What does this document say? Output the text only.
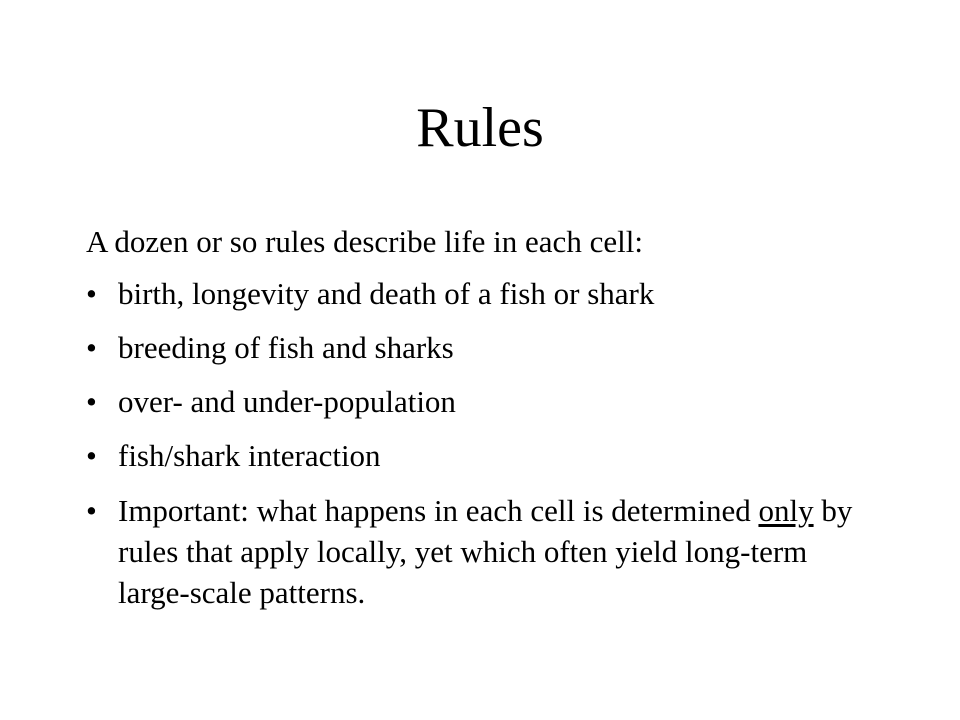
Rules

A dozen or so rules describe life in each cell:

• birth, longevity and death of a fish or shark
• breeding of fish and sharks
• over- and under-population
• fish/shark interaction
• Important: what happens in each cell is determined only by rules that apply locally, yet which often yield long-term large-scale patterns.
